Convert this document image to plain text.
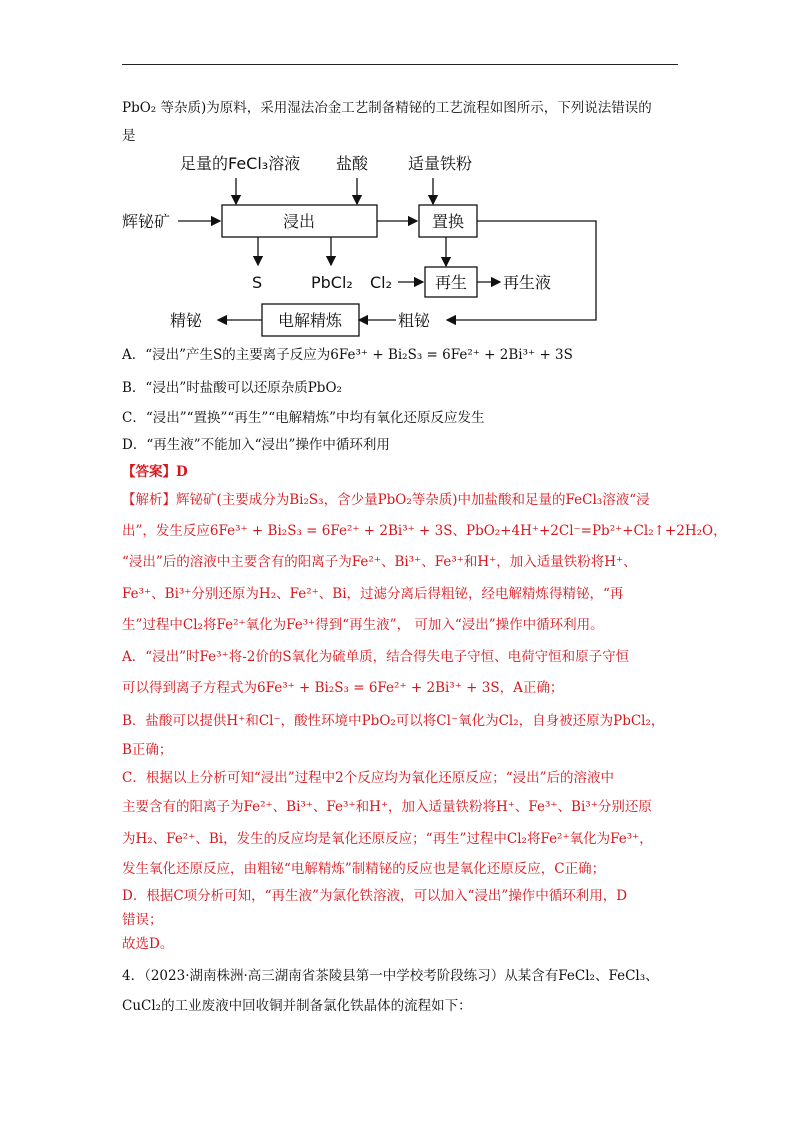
PbO₂ 等杂质)为原料，采用湿法冶金工艺制备精铋的工艺流程如图所示，下列说法错误的
是
足量的FeCl₃溶液 盐酸 适量铁粉
辉铋矿	浸出	置换
S	PbCl₂ Cl₂	再生 再生液
粗铋
电解精炼
精铋
A．“浸出”产生S的主要离子反应为6Fe³⁺ + Bi₂S₃ = 6Fe²⁺ + 2Bi³⁺ + 3S
B．“浸出”时盐酸可以还原杂质PbO₂
C．“浸出”“置换”“再生”“电解精炼”中均有氧化还原反应发生
D．“再生液”不能加入“浸出”操作中循环利用
【答案】D
【解析】辉铋矿(主要成分为Bi₂S₃，含少量PbO₂等杂质)中加盐酸和足量的FeCl₃溶液“浸
出”，发生反应6Fe³⁺ + Bi₂S₃ = 6Fe²⁺ + 2Bi³⁺ + 3S、PbO₂+4H⁺+2Cl⁻=Pb²⁺+Cl₂↑+2H₂O，
“浸出”后的溶液中主要含有的阳离子为Fe²⁺、Bi³⁺、Fe³⁺和H⁺，加入适量铁粉将H⁺、
Fe³⁺、Bi³⁺分别还原为H₂、Fe²⁺、Bi，过滤分离后得粗铋，经电解精炼得精铋，“再
生”过程中Cl₂将Fe²⁺氧化为Fe³⁺得到“再生液”， 可加入“浸出”操作中循环利用。
A．“浸出”时Fe³⁺将-2价的S氧化为硫单质，结合得失电子守恒、电荷守恒和原子守恒
可以得到离子方程式为6Fe³⁺ + Bi₂S₃ = 6Fe²⁺ + 2Bi³⁺ + 3S，A正确；
B．盐酸可以提供H⁺和Cl⁻，酸性环境中PbO₂可以将Cl⁻氧化为Cl₂，自身被还原为PbCl₂，
B正确；
C．根据以上分析可知“浸出”过程中2个反应均为氧化还原反应；“浸出”后的溶液中
主要含有的阳离子为Fe²⁺、Bi³⁺、Fe³⁺和H⁺，加入适量铁粉将H⁺、Fe³⁺、Bi³⁺分别还原
为H₂、Fe²⁺、Bi，发生的反应均是氧化还原反应；“再生”过程中Cl₂将Fe²⁺氧化为Fe³⁺，
发生氧化还原反应，由粗铋“电解精炼”制精铋的反应也是氧化还原反应，C正确；
D．根据C项分析可知，“再生液”为氯化铁溶液，可以加入“浸出”操作中循环利用，D
错误；
故选D。
4．（2023·湖南株洲·高三湖南省茶陵县第一中学校考阶段练习）从某含有FeCl₂、FeCl₃、
CuCl₂的工业废液中回收铜并制备氯化铁晶体的流程如下：
